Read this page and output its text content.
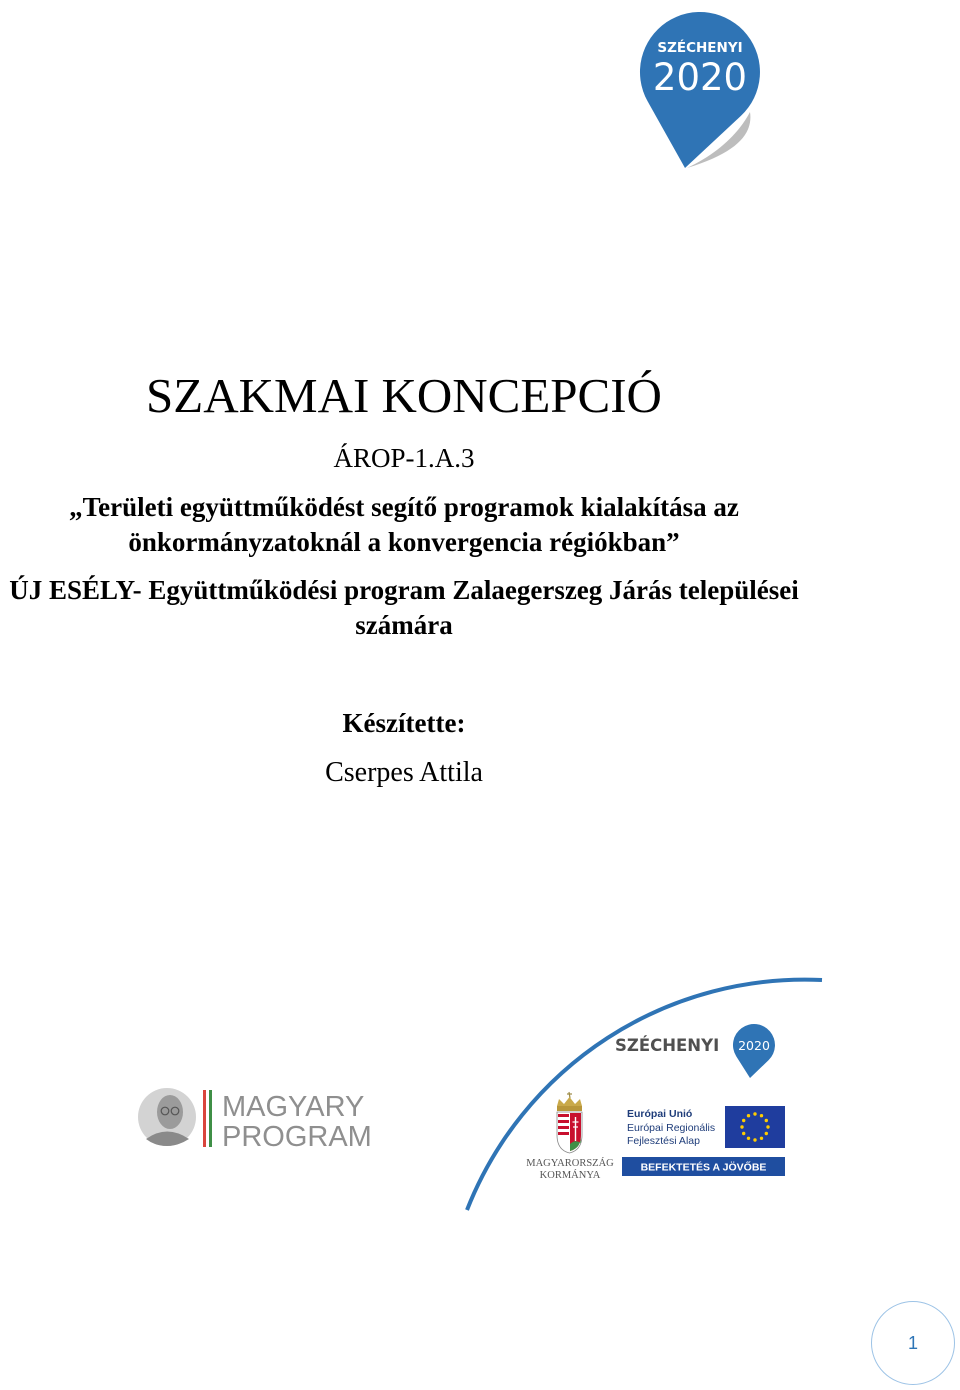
SZÉCHENYI
2020
SZAKMAI KONCEPCIÓ
ÁROP-1.A.3
„Területi együttműködést segítő programok kialakítása az
önkormányzatoknál a konvergencia régiókban”
ÚJ ESÉLY- Együttműködési program Zalaegerszeg Járás települései
számára
Készítette:
Cserpes Attila
SZÉCHENYI 2020
MAGYARY
PROGRAM
MAGYARORSZÁG
KORMÁNYA
Európai Unió
Európai Regionális
Fejlesztési Alap
BEFEKTETÉS A JÖVŐBE
1
